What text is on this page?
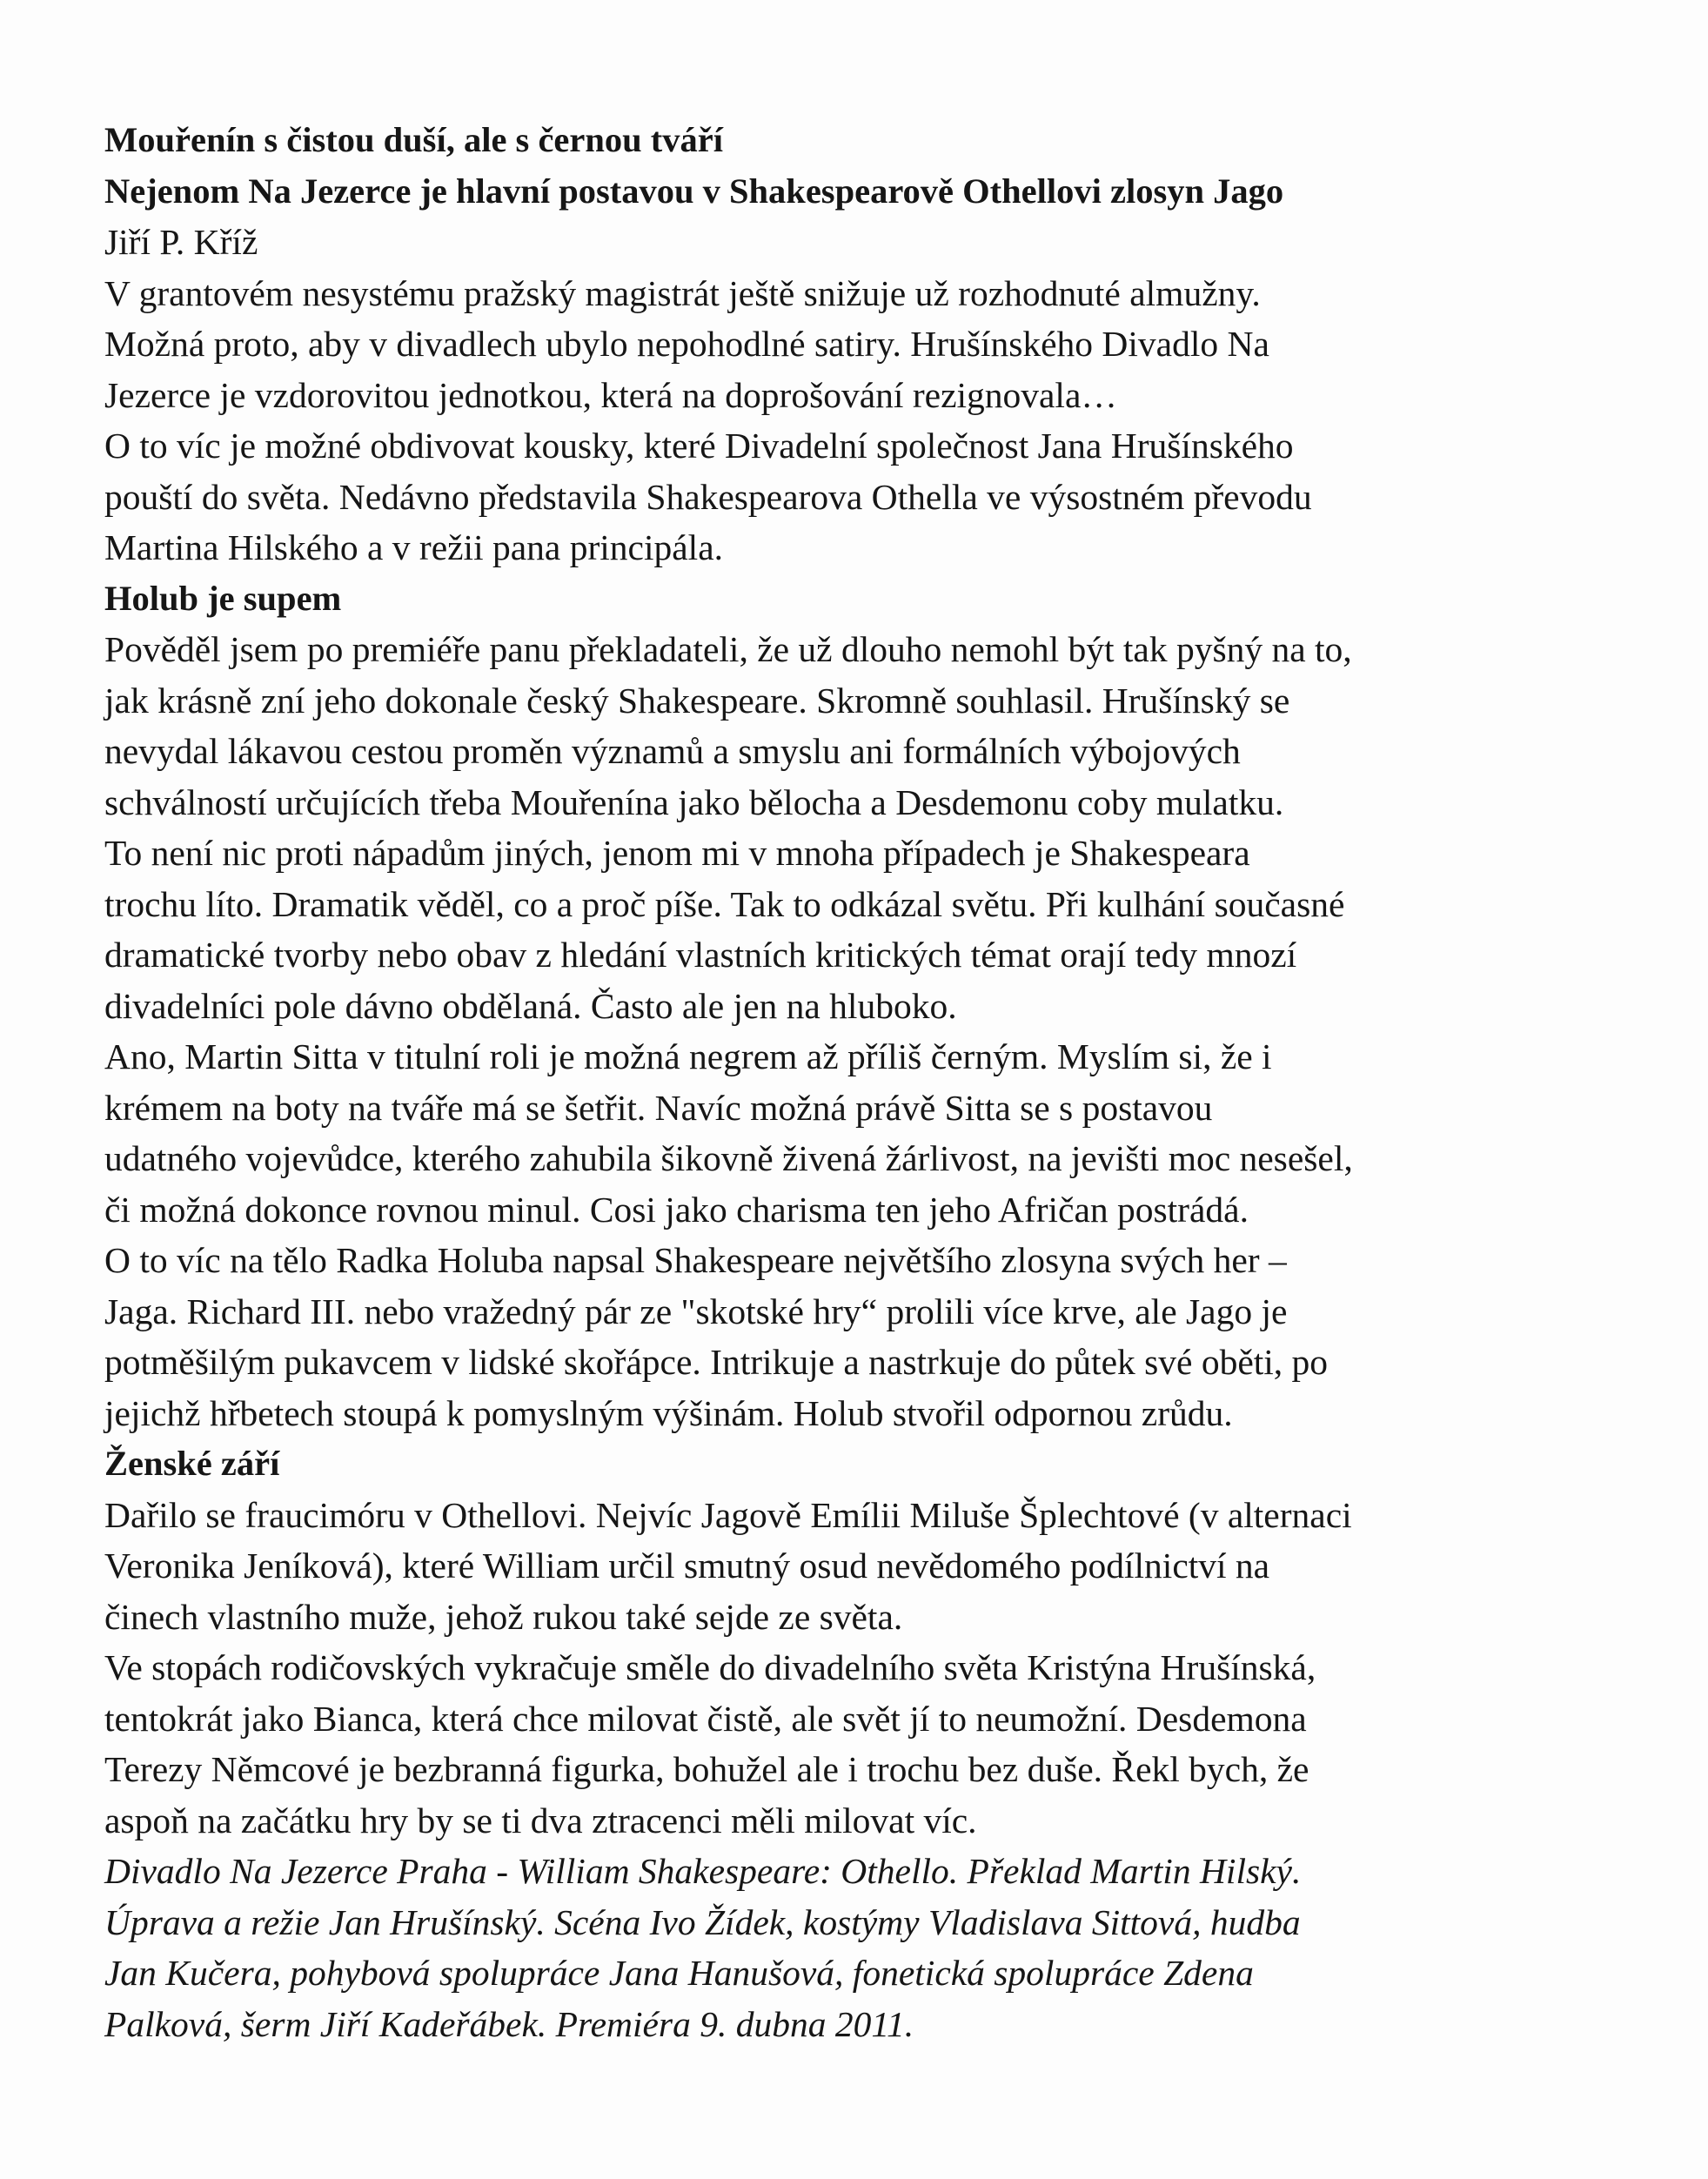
Mouřenín s čistou duší, ale s černou tváří
Nejenom Na Jezerce je hlavní postavou v Shakespearově Othellovi zlosyn Jago
Jiří P. Kříž
V grantovém nesystému pražský magistrát ještě snižuje už rozhodnuté almužny.
Možná proto, aby v divadlech ubylo nepohodlné satiry. Hrušínského Divadlo Na
Jezerce je vzdorovitou jednotkou, která na doprošování rezignovala…
O to víc je možné obdivovat kousky, které Divadelní společnost Jana Hrušínského
pouští do světa. Nedávno představila Shakespearova Othella ve výsostném převodu
Martina Hilského a v režii pana principála.
Holub je supem
Pověděl jsem po premiéře panu překladateli, že už dlouho nemohl být tak pyšný na to,
jak krásně zní jeho dokonale český Shakespeare. Skromně souhlasil. Hrušínský se
nevydal lákavou cestou proměn významů a smyslu ani formálních výbojových
schválností určujících třeba Mouřenína jako bělocha a Desdemonu coby mulatku.
To není nic proti nápadům jiných, jenom mi v mnoha případech je Shakespeara
trochu líto. Dramatik věděl, co a proč píše. Tak to odkázal světu. Při kulhání současné
dramatické tvorby nebo obav z hledání vlastních kritických témat orají tedy mnozí
divadelníci pole dávno obdělaná. Často ale jen na hluboko.
Ano, Martin Sitta v titulní roli je možná negrem až příliš černým. Myslím si, že i
krémem na boty na tváře má se šetřit. Navíc možná právě Sitta se s postavou
udatného vojevůdce, kterého zahubila šikovně živená žárlivost, na jevišti moc nesešel,
či možná dokonce rovnou minul. Cosi jako charisma ten jeho Afričan postrádá.
O to víc na tělo Radka Holuba napsal Shakespeare největšího zlosyna svých her –
Jaga. Richard III. nebo vražedný pár ze "skotské hry“ prolili více krve, ale Jago je
potměšilým pukavcem v lidské skořápce. Intrikuje a nastrkuje do půtek své oběti, po
jejichž hřbetech stoupá k pomyslným výšinám. Holub stvořil odpornou zrůdu.
Ženské září
Dařilo se fraucimóru v Othellovi. Nejvíc Jagově Emílii Miluše Šplechtové (v alternaci
Veronika Jeníková), které William určil smutný osud nevědomého podílnictví na
činech vlastního muže, jehož rukou také sejde ze světa.
Ve stopách rodičovských vykračuje směle do divadelního světa Kristýna Hrušínská,
tentokrát jako Bianca, která chce milovat čistě, ale svět jí to neumožní. Desdemona
Terezy Němcové je bezbranná figurka, bohužel ale i trochu bez duše. Řekl bych, že
aspoň na začátku hry by se ti dva ztracenci měli milovat víc.
Divadlo Na Jezerce Praha - William Shakespeare: Othello. Překlad Martin Hilský.
Úprava a režie Jan Hrušínský. Scéna Ivo Žídek, kostýmy Vladislava Sittová, hudba
Jan Kučera, pohybová spolupráce Jana Hanušová, fonetická spolupráce Zdena
Palková, šerm Jiří Kadeřábek. Premiéra 9. dubna 2011.
